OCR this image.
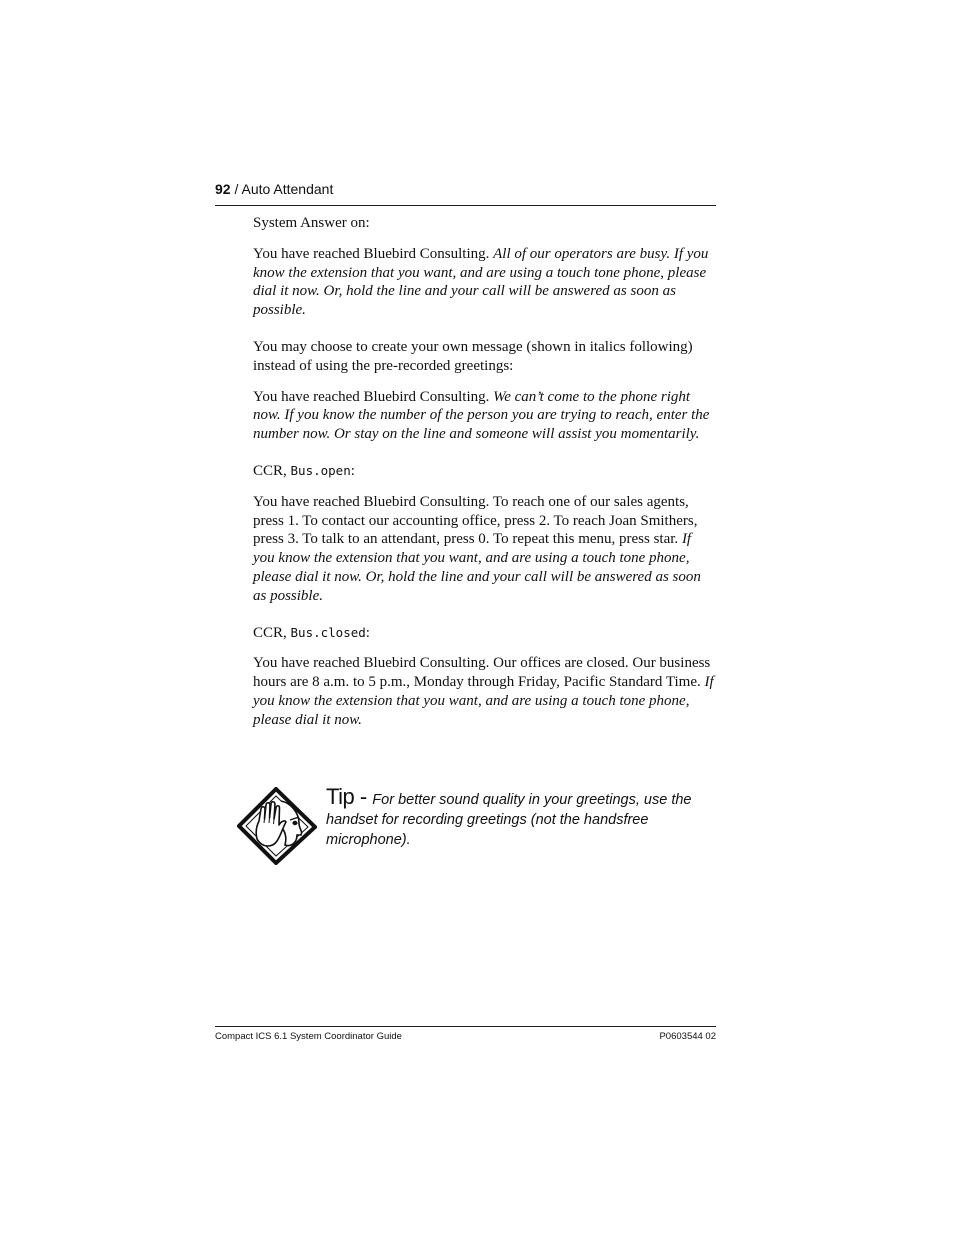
92 / Auto Attendant

System Answer on:

You have reached Bluebird Consulting. All of our operators are busy. If you know the extension that you want, and are using a touch tone phone, please dial it now. Or, hold the line and your call will be answered as soon as possible.

You may choose to create your own message (shown in italics following) instead of using the pre-recorded greetings:

You have reached Bluebird Consulting. We can’t come to the phone right now. If you know the number of the person you are trying to reach, enter the number now. Or stay on the line and someone will assist you momentarily.

CCR, Bus.open:

You have reached Bluebird Consulting. To reach one of our sales agents, press 1. To contact our accounting office, press 2. To reach Joan Smithers, press 3. To talk to an attendant, press 0. To repeat this menu, press star. If you know the extension that you want, and are using a touch tone phone, please dial it now. Or, hold the line and your call will be answered as soon as possible.

CCR, Bus.closed:

You have reached Bluebird Consulting. Our offices are closed. Our business hours are 8 a.m. to 5 p.m., Monday through Friday, Pacific Standard Time. If you know the extension that you want, and are using a touch tone phone, please dial it now.

Tip - For better sound quality in your greetings, use the handset for recording greetings (not the handsfree microphone).
Compact ICS 6.1 System Coordinator Guide	P0603544 02
